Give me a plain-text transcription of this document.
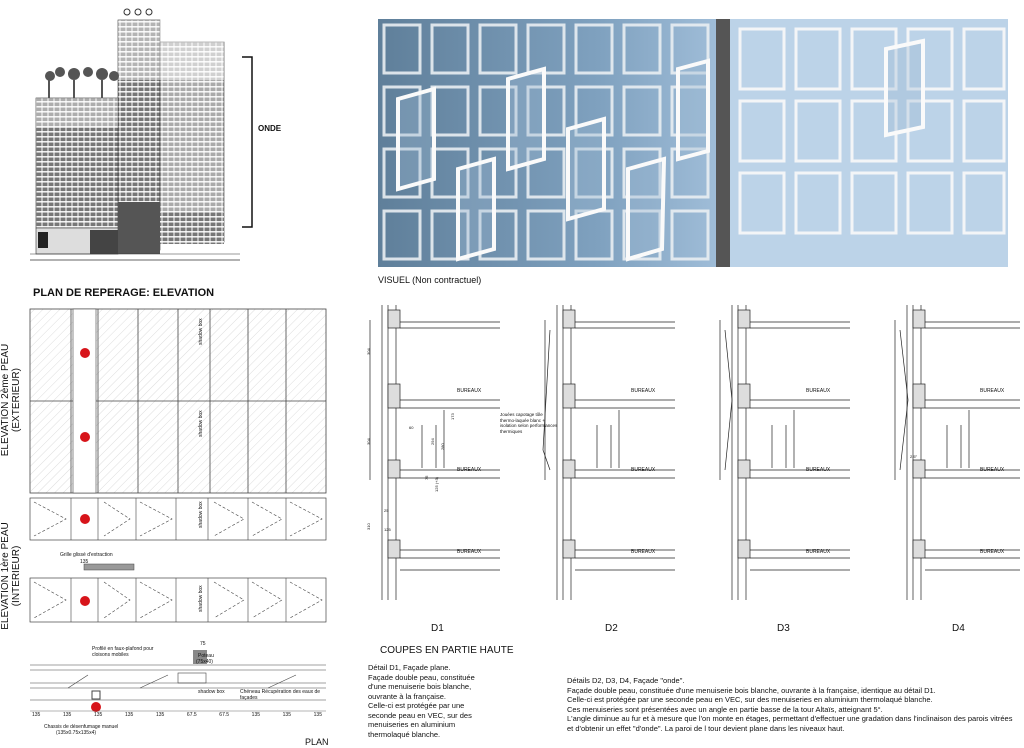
ONDE
PLAN DE REPERAGE: ELEVATION
VISUEL (Non contractuel)
shadow box
shadow box
Grille glissé d'extraction
135
shadow box
shadow box
ELEVATION 2ème PEAU (EXTERIEUR)
ELEVATION 1ère PEAU (INTERIEUR)
Profilé en faux-plafond pour cloisons mobiles
75
Poteau
(75x40)
shadow box	Chéneau Récupération des eaux de façades
Chassis de désenfumage manuel
(135x0.75x135x4)
135	135	135	135	135	67.5	67.5	135	135	135
PLAN
BUREAUX
BUREAUX
BUREAUX
BUREAUX
BUREAUX
BUREAUX
BUREAUX
BUREAUX
BUREAUX
BUREAUX
BUREAUX
BUREAUX
304
304
310
60
75
173
280
294
125 (+3)
25
125
2.5°
Jouées capotage tôle thermo-laquée blanc + isolation selon performances thermiques
D1	D2	D3	D4
COUPES EN PARTIE HAUTE
Détail D1, Façade plane.
Façade double peau, constituée
d'une menuiserie bois blanche,
ouvrante à la française.
Celle-ci est protégée par une
seconde peau en VEC, sur des
menuiseries en aluminium
thermolaqué blanche.
Détails D2, D3, D4, Façade "onde".
Façade double peau, constituée d'une menuiserie bois blanche, ouvrante à la française, identique au détail D1.
Celle-ci est protégée par une seconde peau en VEC, sur des menuiseries en aluminium thermolaqué blanche.
Ces menuiseries sont présentées avec un angle en partie basse de la tour Altaïs, atteignant 5°.
L'angle diminue au fur et à mesure que l'on monte en étages, permettant d'effectuer une gradation dans l'inclinaison des parois vitrées
et d'obtenir un effet "d'onde". La paroi de l tour devient plane dans les niveaux haut.
